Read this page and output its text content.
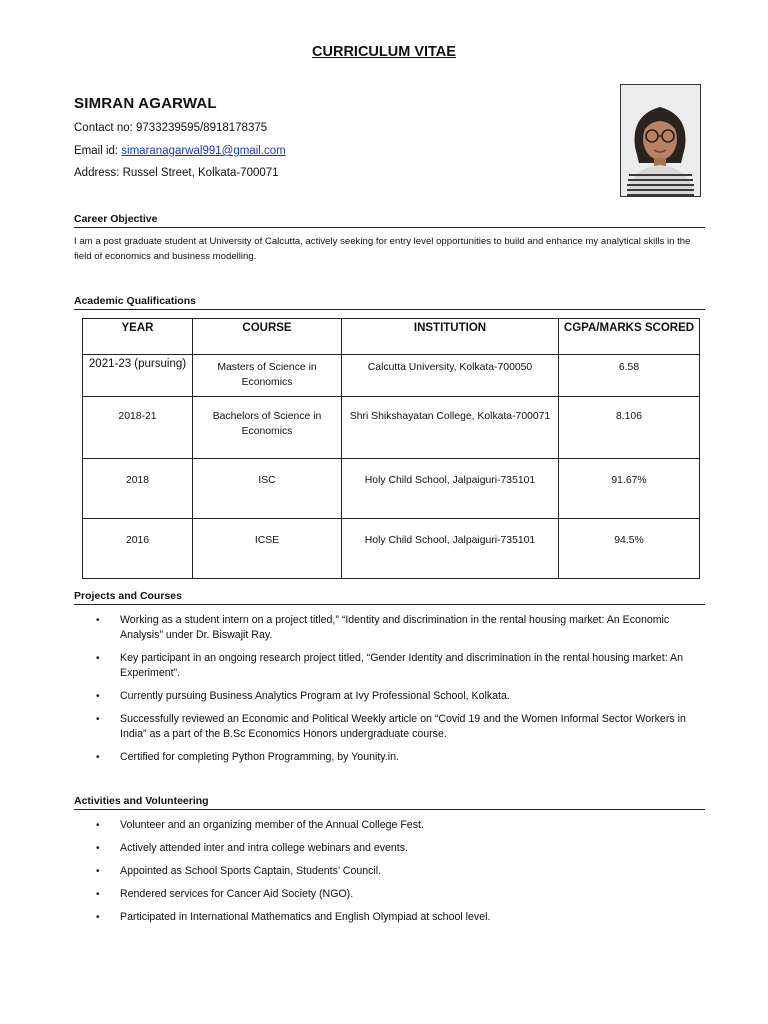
CURRICULUM VITAE
SIMRAN AGARWAL
Contact no: 9733239595/8918178375
Email id: simaranagarwal991@gmail.com
Address: Russel Street, Kolkata-700071
Career Objective
I am a post graduate student at University of Calcutta, actively seeking for entry level opportunities to build and enhance my analytical skills in the field of economics and business modelling.
Academic Qualifications
YEAR	COURSE	INSTITUTION	CGPA/MARKS SCORED
2021-23 (pursuing)	Masters of Science in Economics	Calcutta University, Kolkata-700050	6.58
2018-21	Bachelors of Science in Economics	Shri Shikshayatan College, Kolkata-700071	8.106
2018	ISC	Holy Child School, Jalpaiguri-735101	91.67%
2016	ICSE	Holy Child School, Jalpaiguri-735101	94.5%
Projects and Courses
• Working as a student intern on a project titled,” “Identity and discrimination in the rental housing market: An Economic Analysis” under Dr. Biswajit Ray.
• Key participant in an ongoing research project titled, “Gender Identity and discrimination in the rental housing market: An Experiment”.
• Currently pursuing Business Analytics Program at Ivy Professional School, Kolkata.
• Successfully reviewed an Economic and Political Weekly article on “Covid 19 and the Women Informal Sector Workers in India” as a part of the B.Sc Economics Honors undergraduate course.
• Certified for completing Python Programming, by Younity.in.
Activities and Volunteering
• Volunteer and an organizing member of the Annual College Fest.
• Actively attended inter and intra college webinars and events.
• Appointed as School Sports Captain, Students’ Council.
• Rendered services for Cancer Aid Society (NGO).
• Participated in International Mathematics and English Olympiad at school level.
